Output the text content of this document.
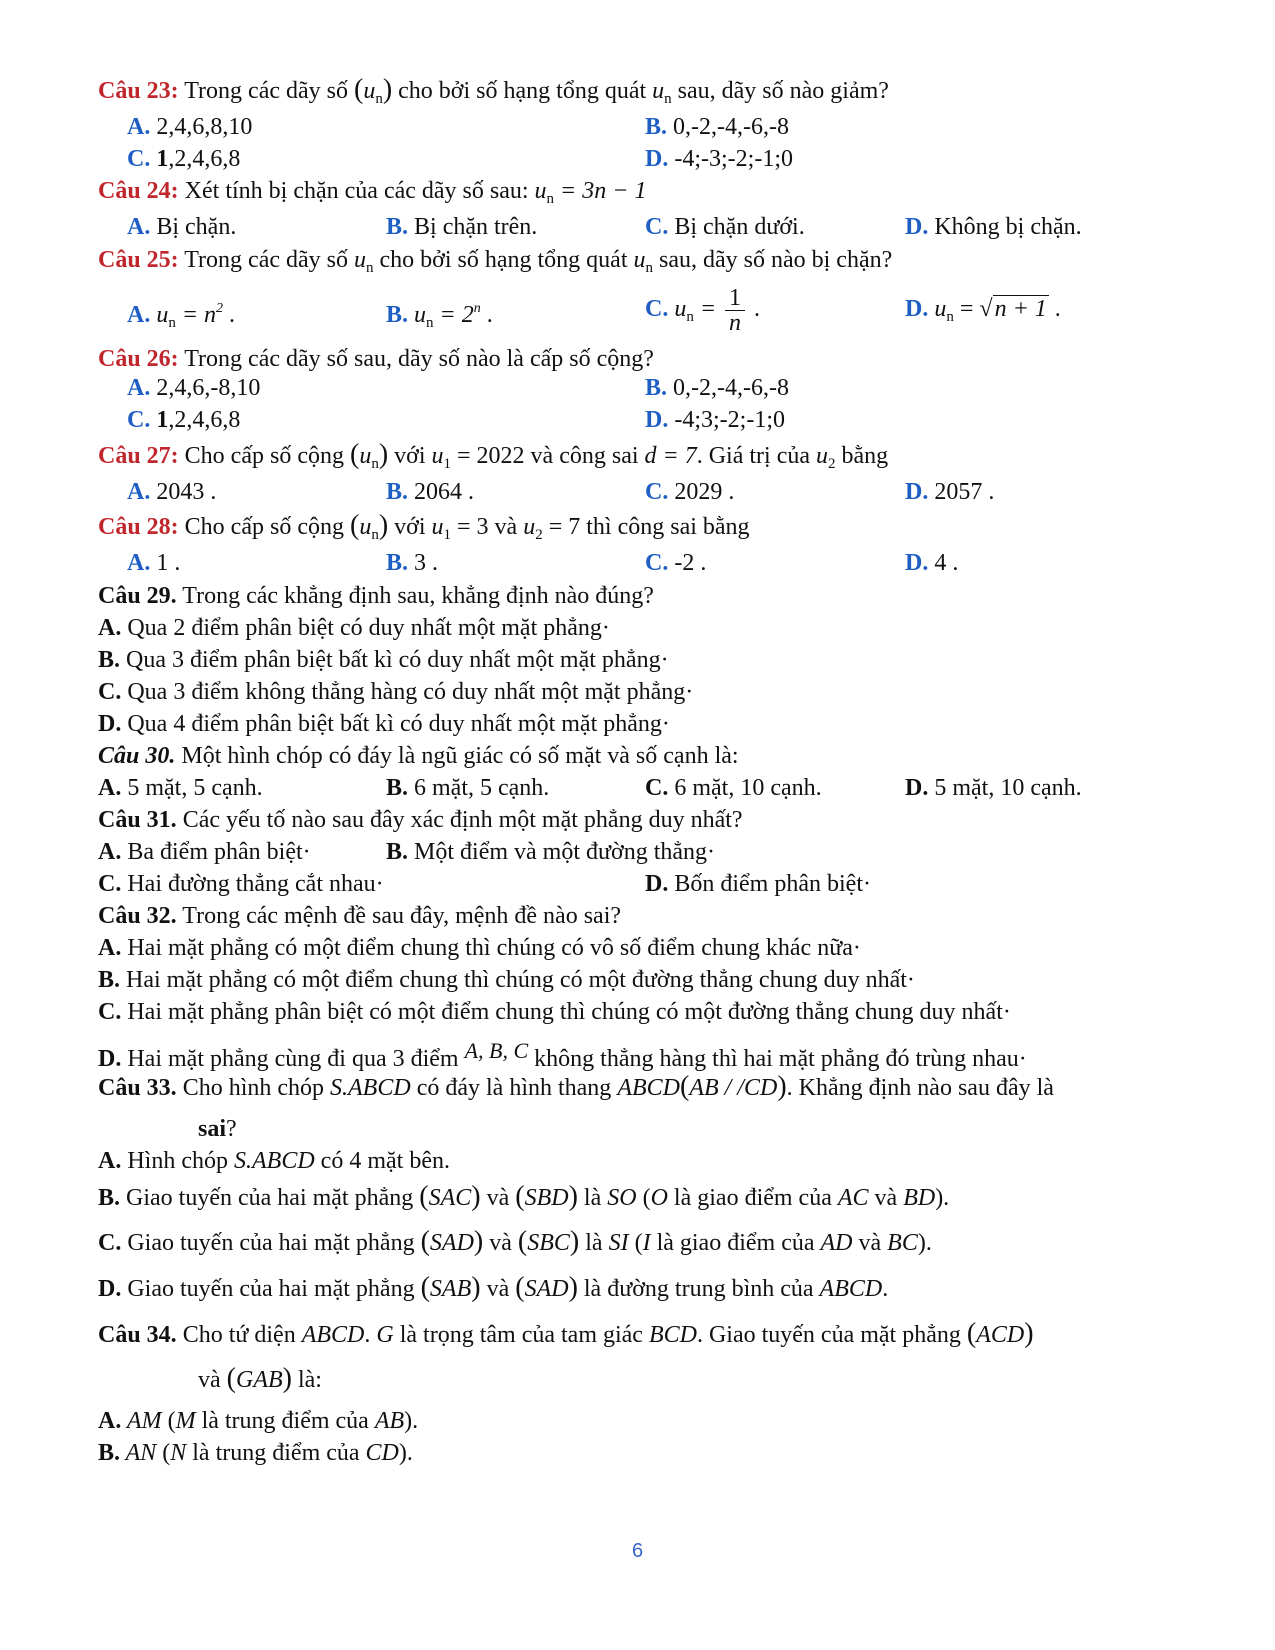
Câu 23: Trong các dãy số $(u_n)$ cho bởi số hạng tổng quát $u_n$ sau, dãy số nào giảm?
A. 2,4,6,8,10	B. 0,-2,-4,-6,-8
C. 1,2,4,6,8	D. -4;-3;-2;-1;0
Câu 24: Xét tính bị chặn của các dãy số sau: $u_n = 3n - 1$
A. Bị chặn.	B. Bị chặn trên.	C. Bị chặn dưới.	D. Không bị chặn.
Câu 25: Trong các dãy số $u_n$ cho bởi số hạng tổng quát $u_n$ sau, dãy số nào bị chặn?
A. $u_n = n^2$ .	B. $u_n = 2^n$ .	C. $u_n = \frac{1}{n}$ .	D. $u_n = √n + 1$ .
Câu 26: Trong các dãy số sau, dãy số nào là cấp số cộng?
A. 2,4,6,-8,10	B. 0,-2,-4,-6,-8
C. 1,2,4,6,8	D. -4;3;-2;-1;0
Câu 27: Cho cấp số cộng $(u_n)$ với $u_1 = 2022$ và công sai d = 7. Giá trị của $u_2$ bằng
A. 2043 .	B. 2064 .	C. 2029 .	D. 2057 .
Câu 28: Cho cấp số cộng $(u_n)$ với $u_1 = 3$ và $u_2 = 7$ thì công sai bằng
A. 1 .	B. 3 .	C. -2 .	D. 4 .
Câu 29. Trong các khẳng định sau, khẳng định nào đúng?
A. Qua 2 điểm phân biệt có duy nhất một mặt phẳng·
B. Qua 3 điểm phân biệt bất kì có duy nhất một mặt phẳng·
C. Qua 3 điểm không thẳng hàng có duy nhất một mặt phẳng·
D. Qua 4 điểm phân biệt bất kì có duy nhất một mặt phẳng·
Câu 30. Một hình chóp có đáy là ngũ giác có số mặt và số cạnh là:
A. 5 mặt, 5 cạnh.	B. 6 mặt, 5 cạnh.	C. 6 mặt, 10 cạnh.	D. 5 mặt, 10 cạnh.
Câu 31. Các yếu tố nào sau đây xác định một mặt phẳng duy nhất?
A. Ba điểm phân biệt·	B. Một điểm và một đường thẳng·
C. Hai đường thẳng cắt nhau·	D. Bốn điểm phân biệt·
Câu 32. Trong các mệnh đề sau đây, mệnh đề nào sai?
A. Hai mặt phẳng có một điểm chung thì chúng có vô số điểm chung khác nữa·
B. Hai mặt phẳng có một điểm chung thì chúng có một đường thẳng chung duy nhất·
C. Hai mặt phẳng phân biệt có một điểm chung thì chúng có một đường thẳng chung duy nhất·
D. Hai mặt phẳng cùng đi qua 3 điểm A, B, C không thẳng hàng thì hai mặt phẳng đó trùng nhau·
Câu 33. Cho hình chóp S.ABCD có đáy là hình thang ABCD(AB / /CD). Khẳng định nào sau đây là
sai?
A. Hình chóp S.ABCD có 4 mặt bên.
B. Giao tuyến của hai mặt phẳng (SAC) và (SBD) là SO (O là giao điểm của AC và BD).
C. Giao tuyến của hai mặt phẳng (SAD) và (SBC) là SI (I là giao điểm của AD và BC).
D. Giao tuyến của hai mặt phẳng (SAB) và (SAD) là đường trung bình của ABCD.
Câu 34. Cho tứ diện ABCD. G là trọng tâm của tam giác BCD. Giao tuyến của mặt phẳng (ACD)
và (GAB) là:
A. AM (M là trung điểm của AB).
B. AN (N là trung điểm của CD).
6
